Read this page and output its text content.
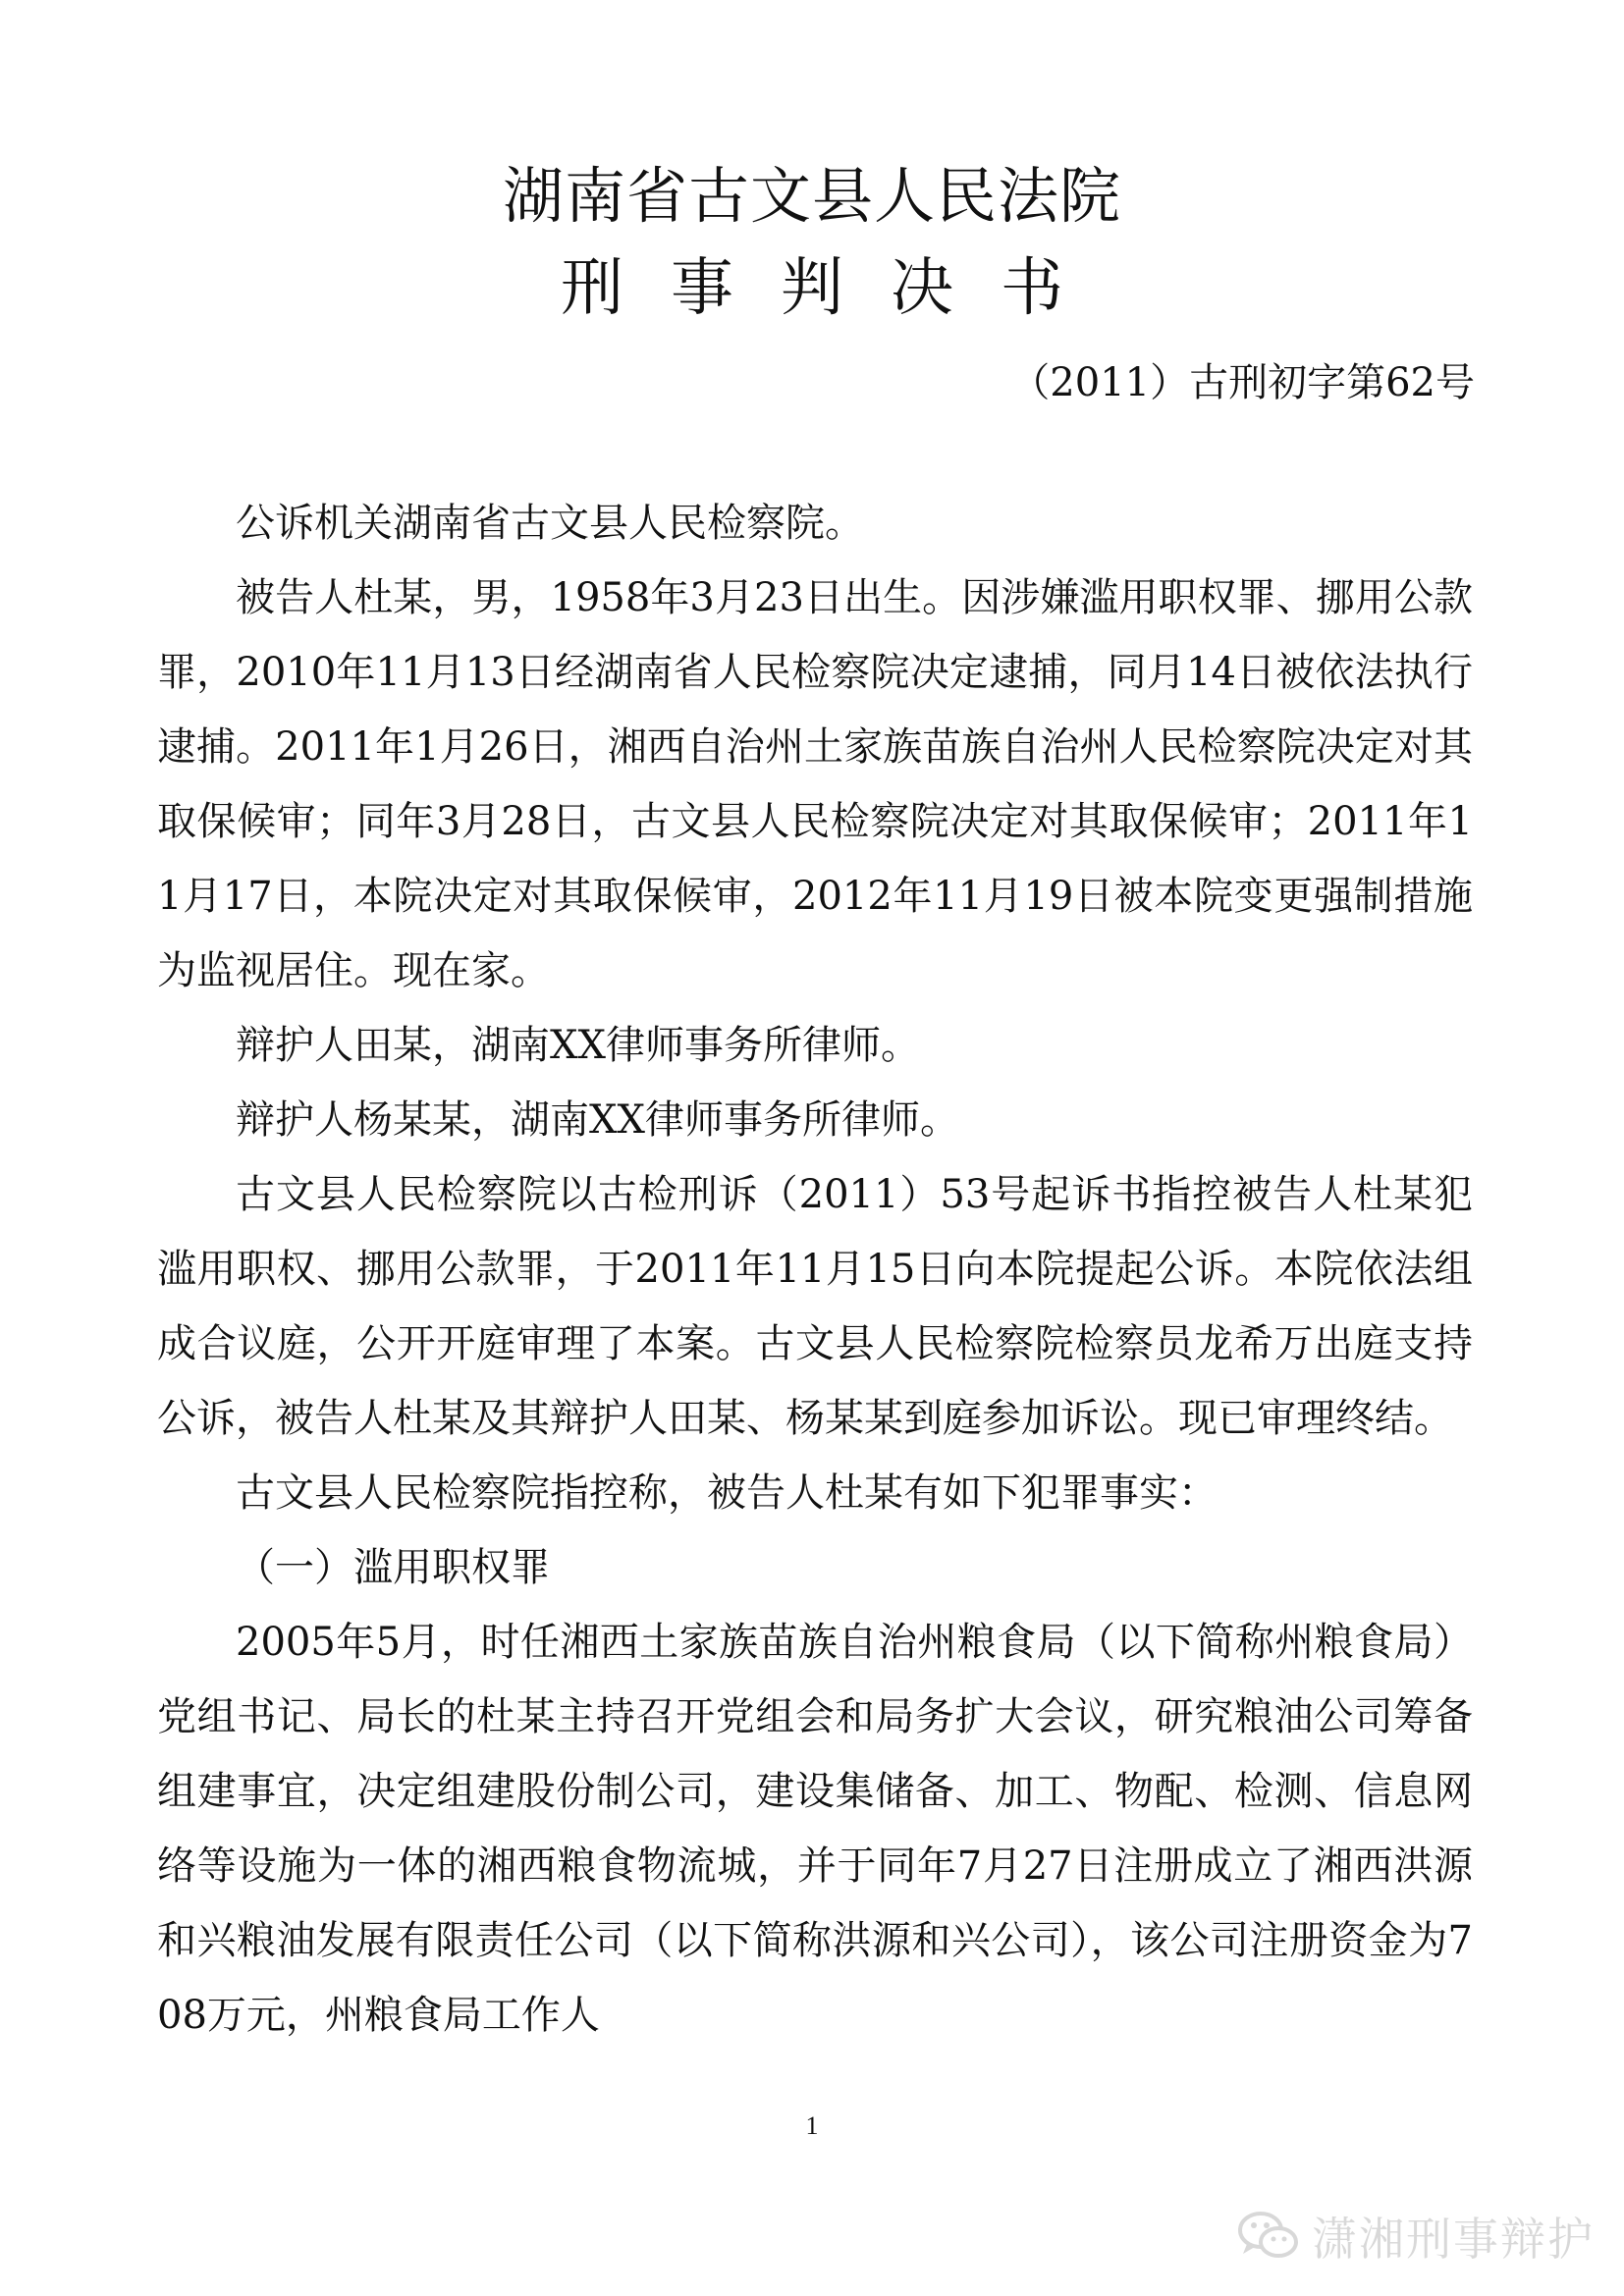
湖南省古文县人民法院
刑事判决书
（2011）古刑初字第62号

公诉机关湖南省古文县人民检察院。

被告人杜某，男，1958年3月23日出生。因涉嫌滥用职权罪、挪用公款罪，2010年11月13日经湖南省人民检察院决定逮捕，同月14日被依法执行逮捕。2011年1月26日，湘西自治州土家族苗族自治州人民检察院决定对其取保候审；同年3月28日，古文县人民检察院决定对其取保候审；2011年11月17日，本院决定对其取保候审，2012年11月19日被本院变更强制措施为监视居住。现在家。

辩护人田某，湖南XX律师事务所律师。

辩护人杨某某，湖南XX律师事务所律师。

古文县人民检察院以古检刑诉（2011）53号起诉书指控被告人杜某犯滥用职权、挪用公款罪，于2011年11月15日向本院提起公诉。本院依法组成合议庭，公开开庭审理了本案。古文县人民检察院检察员龙希万出庭支持公诉，被告人杜某及其辩护人田某、杨某某到庭参加诉讼。现已审理终结。

古文县人民检察院指控称，被告人杜某有如下犯罪事实：

（一）滥用职权罪

2005年5月，时任湘西土家族苗族自治州粮食局（以下简称州粮食局）党组书记、局长的杜某主持召开党组会和局务扩大会议，研究粮油公司筹备组建事宜，决定组建股份制公司，建设集储备、加工、物配、检测、信息网络等设施为一体的湘西粮食物流城，并于同年7月27日注册成立了湘西洪源和兴粮油发展有限责任公司（以下简称洪源和兴公司），该公司注册资金为708万元，州粮食局工作人

1
潇湘刑事辩护
